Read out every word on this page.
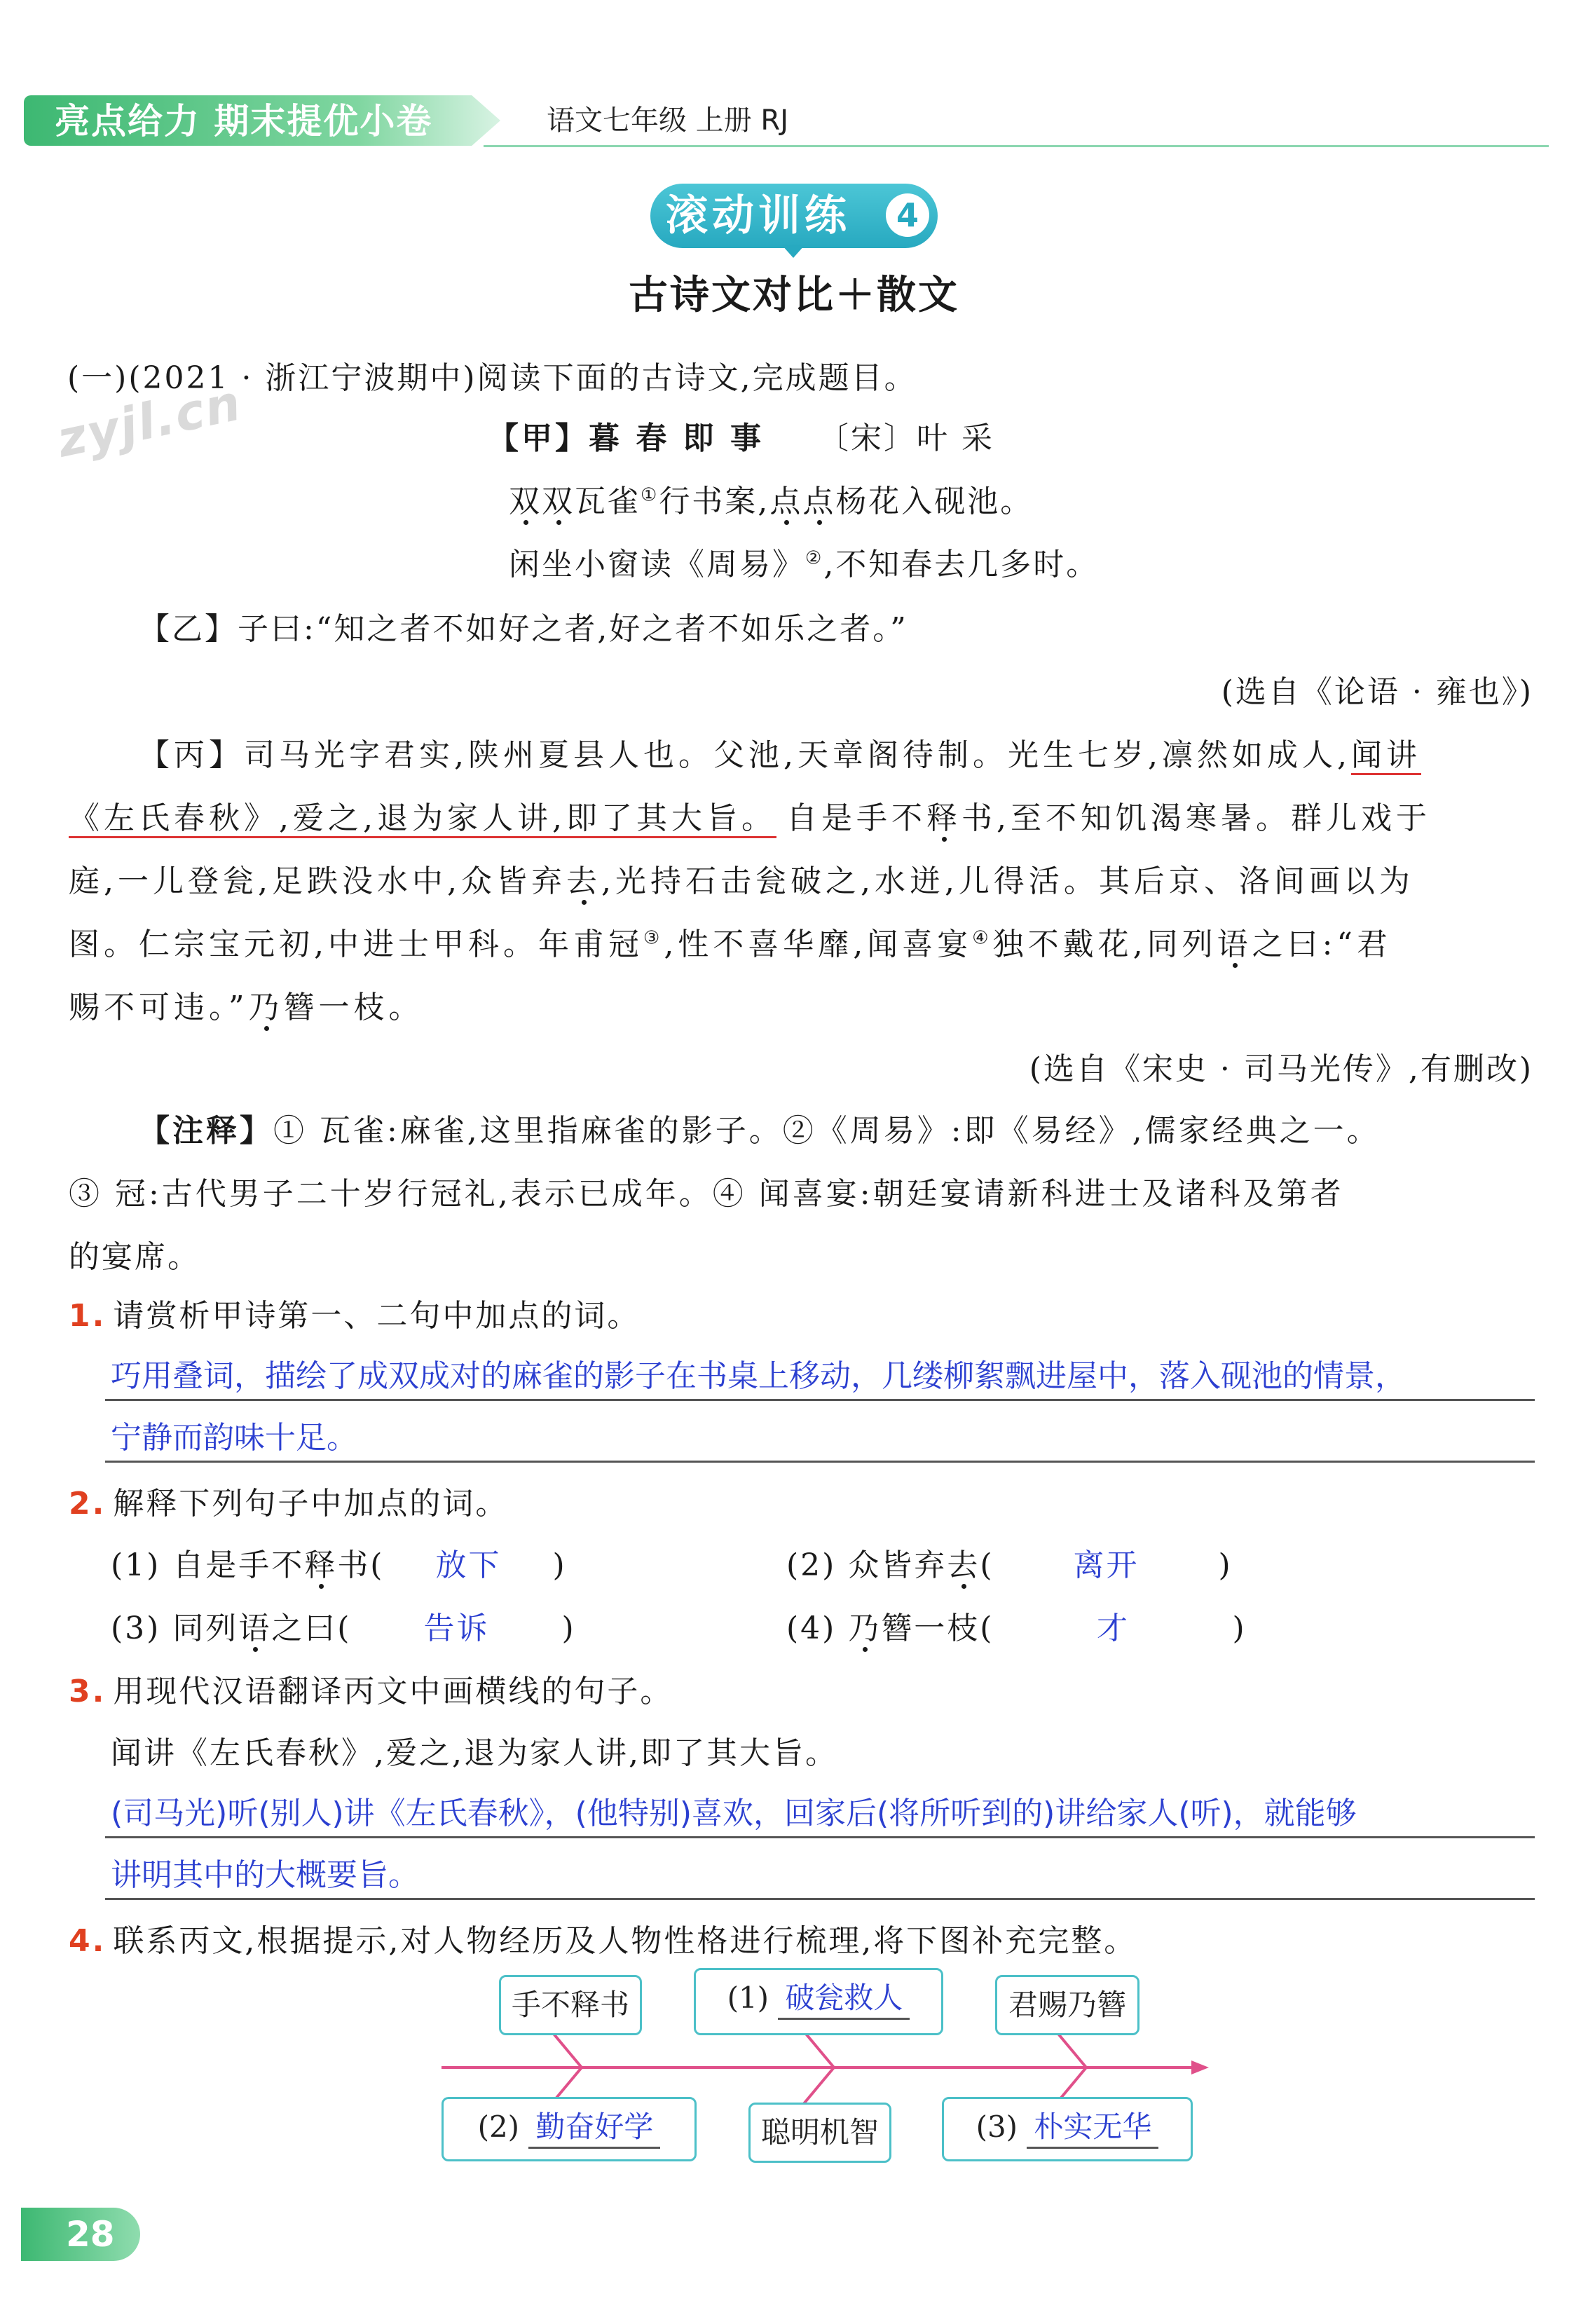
亮点给力 期末提优小卷	语文七年级 上册 RJ
滚动训练	4
古诗文对比＋散文
zyjl.cn
(一)(2021 · 浙江宁波期中)阅读下面的古诗文,完成题目。
【甲】暮 春 即 事 〔宋〕叶 采
双双瓦雀①行书案,点点杨花入砚池。
闲坐小窗读《周易》②,不知春去几多时。
【乙】子曰:“知之者不如好之者,好之者不如乐之者。”
(选自《论语 · 雍也》)
【丙】司马光字君实,陕州夏县人也。父池,天章阁待制。光生七岁,凛然如成人,闻讲
《左氏春秋》,爱之,退为家人讲,即了其大旨。 自是手不释书,至不知饥渴寒暑。群儿戏于
庭,一儿登瓮,足跌没水中,众皆弃去,光持石击瓮破之,水迸,儿得活。其后京、洛间画以为
图。仁宗宝元初,中进士甲科。年甫冠③,性不喜华靡,闻喜宴④独不戴花,同列语之曰:“君
赐不可违。”乃簪一枝。
(选自《宋史 · 司马光传》,有删改)
【注释】① 瓦雀:麻雀,这里指麻雀的影子。②《周易》:即《易经》,儒家经典之一。
③ 冠:古代男子二十岁行冠礼,表示已成年。④ 闻喜宴:朝廷宴请新科进士及诸科及第者
的宴席。
1. 请赏析甲诗第一、二句中加点的词。
巧用叠词，描绘了成双成对的麻雀的影子在书桌上移动，几缕柳絮飘进屋中，落入砚池的情景，
宁静而韵味十足。
2. 解释下列句子中加点的词。
(1) 自是手不释书( 放下 )	(2) 众皆弃去(	离开	)
(3) 同列语之曰( 告诉 )	(4) 乃簪一枝(	才	)
3. 用现代汉语翻译丙文中画横线的句子。
闻讲《左氏春秋》,爱之,退为家人讲,即了其大旨。
(司马光)听(别人)讲《左氏春秋》，(他特别)喜欢，回家后(将所听到的)讲给家人(听)，就能够
讲明其中的大概要旨。
4. 联系丙文,根据提示,对人物经历及人物性格进行梳理,将下图补充完整。
手不释书	(1) 破瓮救人	君赐乃簪
(2) 勤奋好学	聪明机智	(3) 朴实无华
28
